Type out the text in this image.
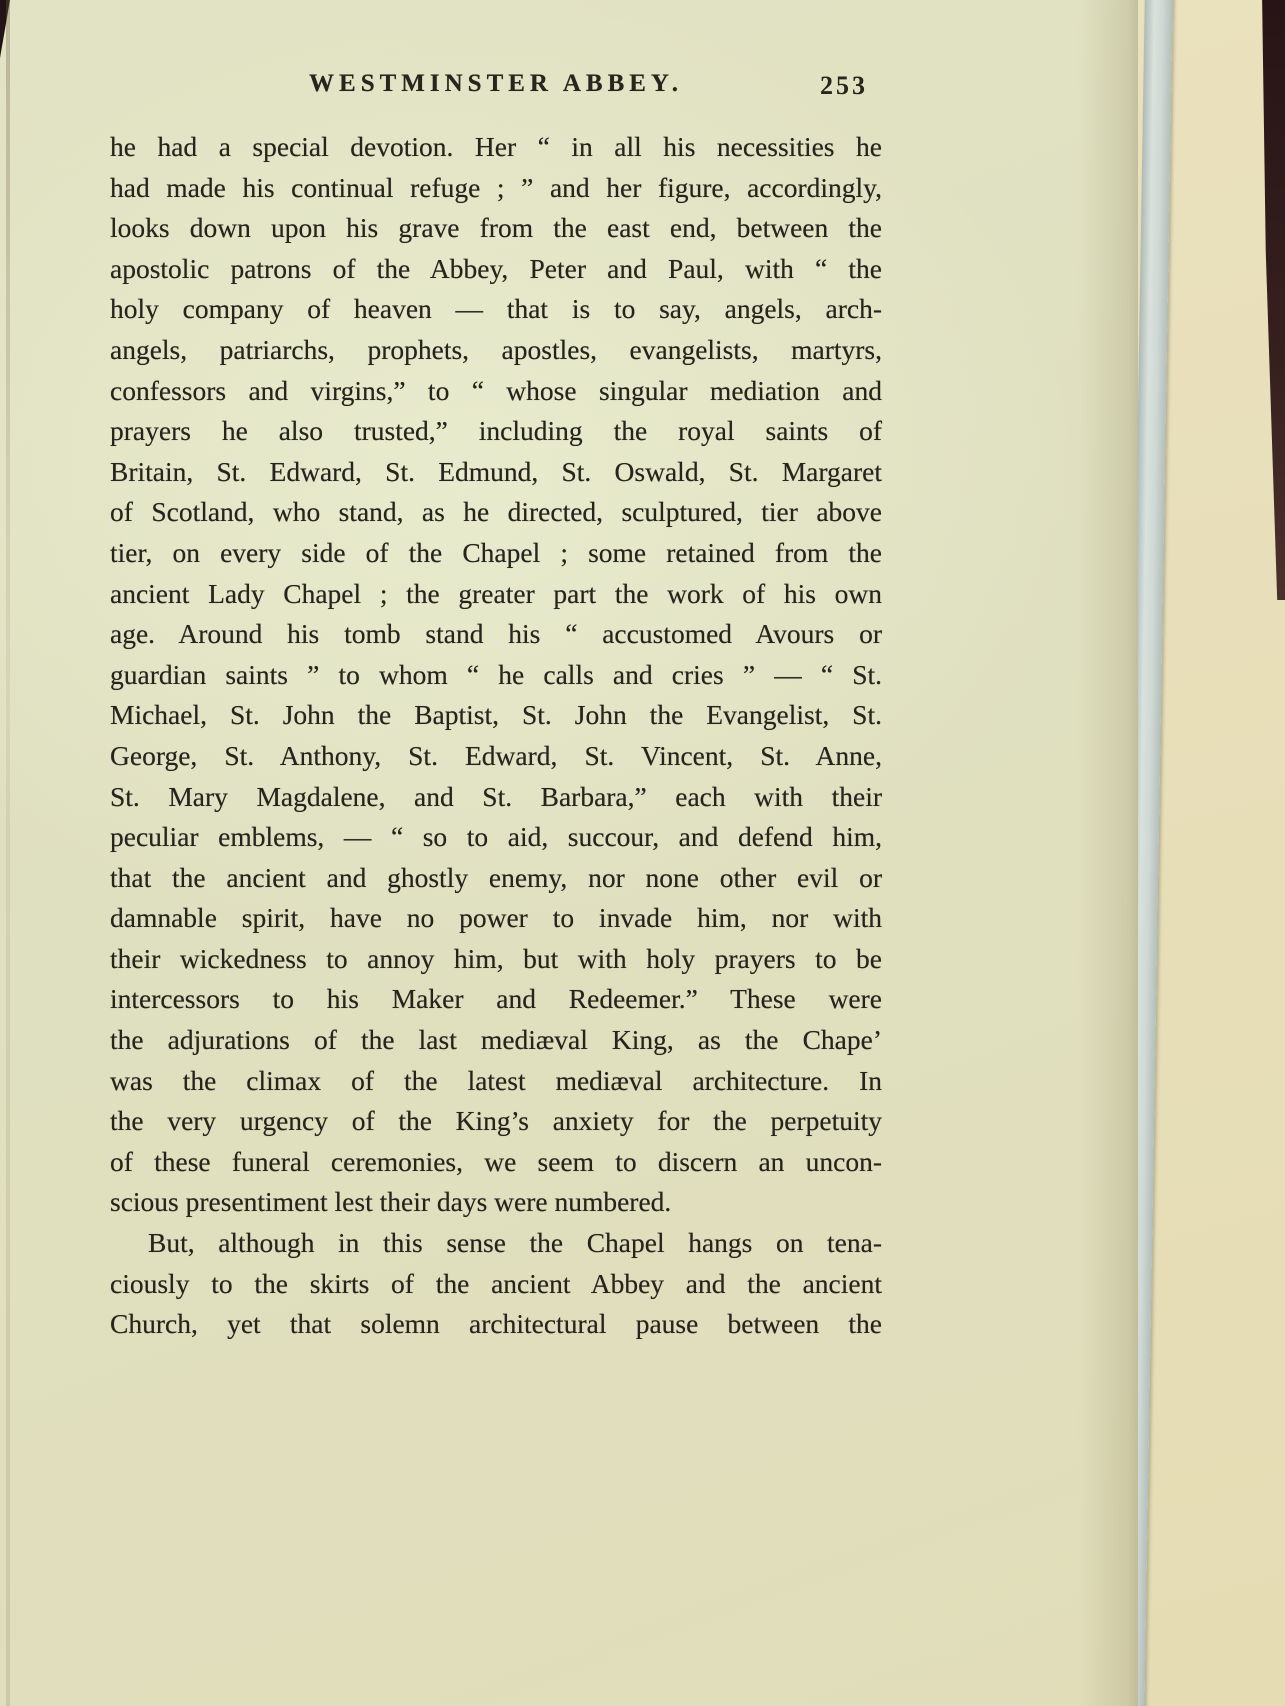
WESTMINSTER ABBEY.	253
he had a special devotion. Her “ in all his necessities he
had made his continual refuge ; ” and her figure, accordingly,
looks down upon his grave from the east end, between the
apostolic patrons of the Abbey, Peter and Paul, with “ the
holy company of heaven — that is to say, angels, arch-
angels, patriarchs, prophets, apostles, evangelists, martyrs,
confessors and virgins,” to “ whose singular mediation and
prayers he also trusted,” including the royal saints of
Britain, St. Edward, St. Edmund, St. Oswald, St. Margaret
of Scotland, who stand, as he directed, sculptured, tier above
tier, on every side of the Chapel ; some retained from the
ancient Lady Chapel ; the greater part the work of his own
age. Around his tomb stand his “ accustomed Avours or
guardian saints ” to whom “ he calls and cries ” — “ St.
Michael, St. John the Baptist, St. John the Evangelist, St.
George, St. Anthony, St. Edward, St. Vincent, St. Anne,
St. Mary Magdalene, and St. Barbara,” each with their
peculiar emblems, — “ so to aid, succour, and defend him,
that the ancient and ghostly enemy, nor none other evil or
damnable spirit, have no power to invade him, nor with
their wickedness to annoy him, but with holy prayers to be
intercessors to his Maker and Redeemer.” These were
the adjurations of the last mediæval King, as the Chape’
was the climax of the latest mediæval architecture. In
the very urgency of the King’s anxiety for the perpetuity
of these funeral ceremonies, we seem to discern an uncon-
scious presentiment lest their days were numbered.
But, although in this sense the Chapel hangs on tena-
ciously to the skirts of the ancient Abbey and the ancient
Church, yet that solemn architectural pause between the
